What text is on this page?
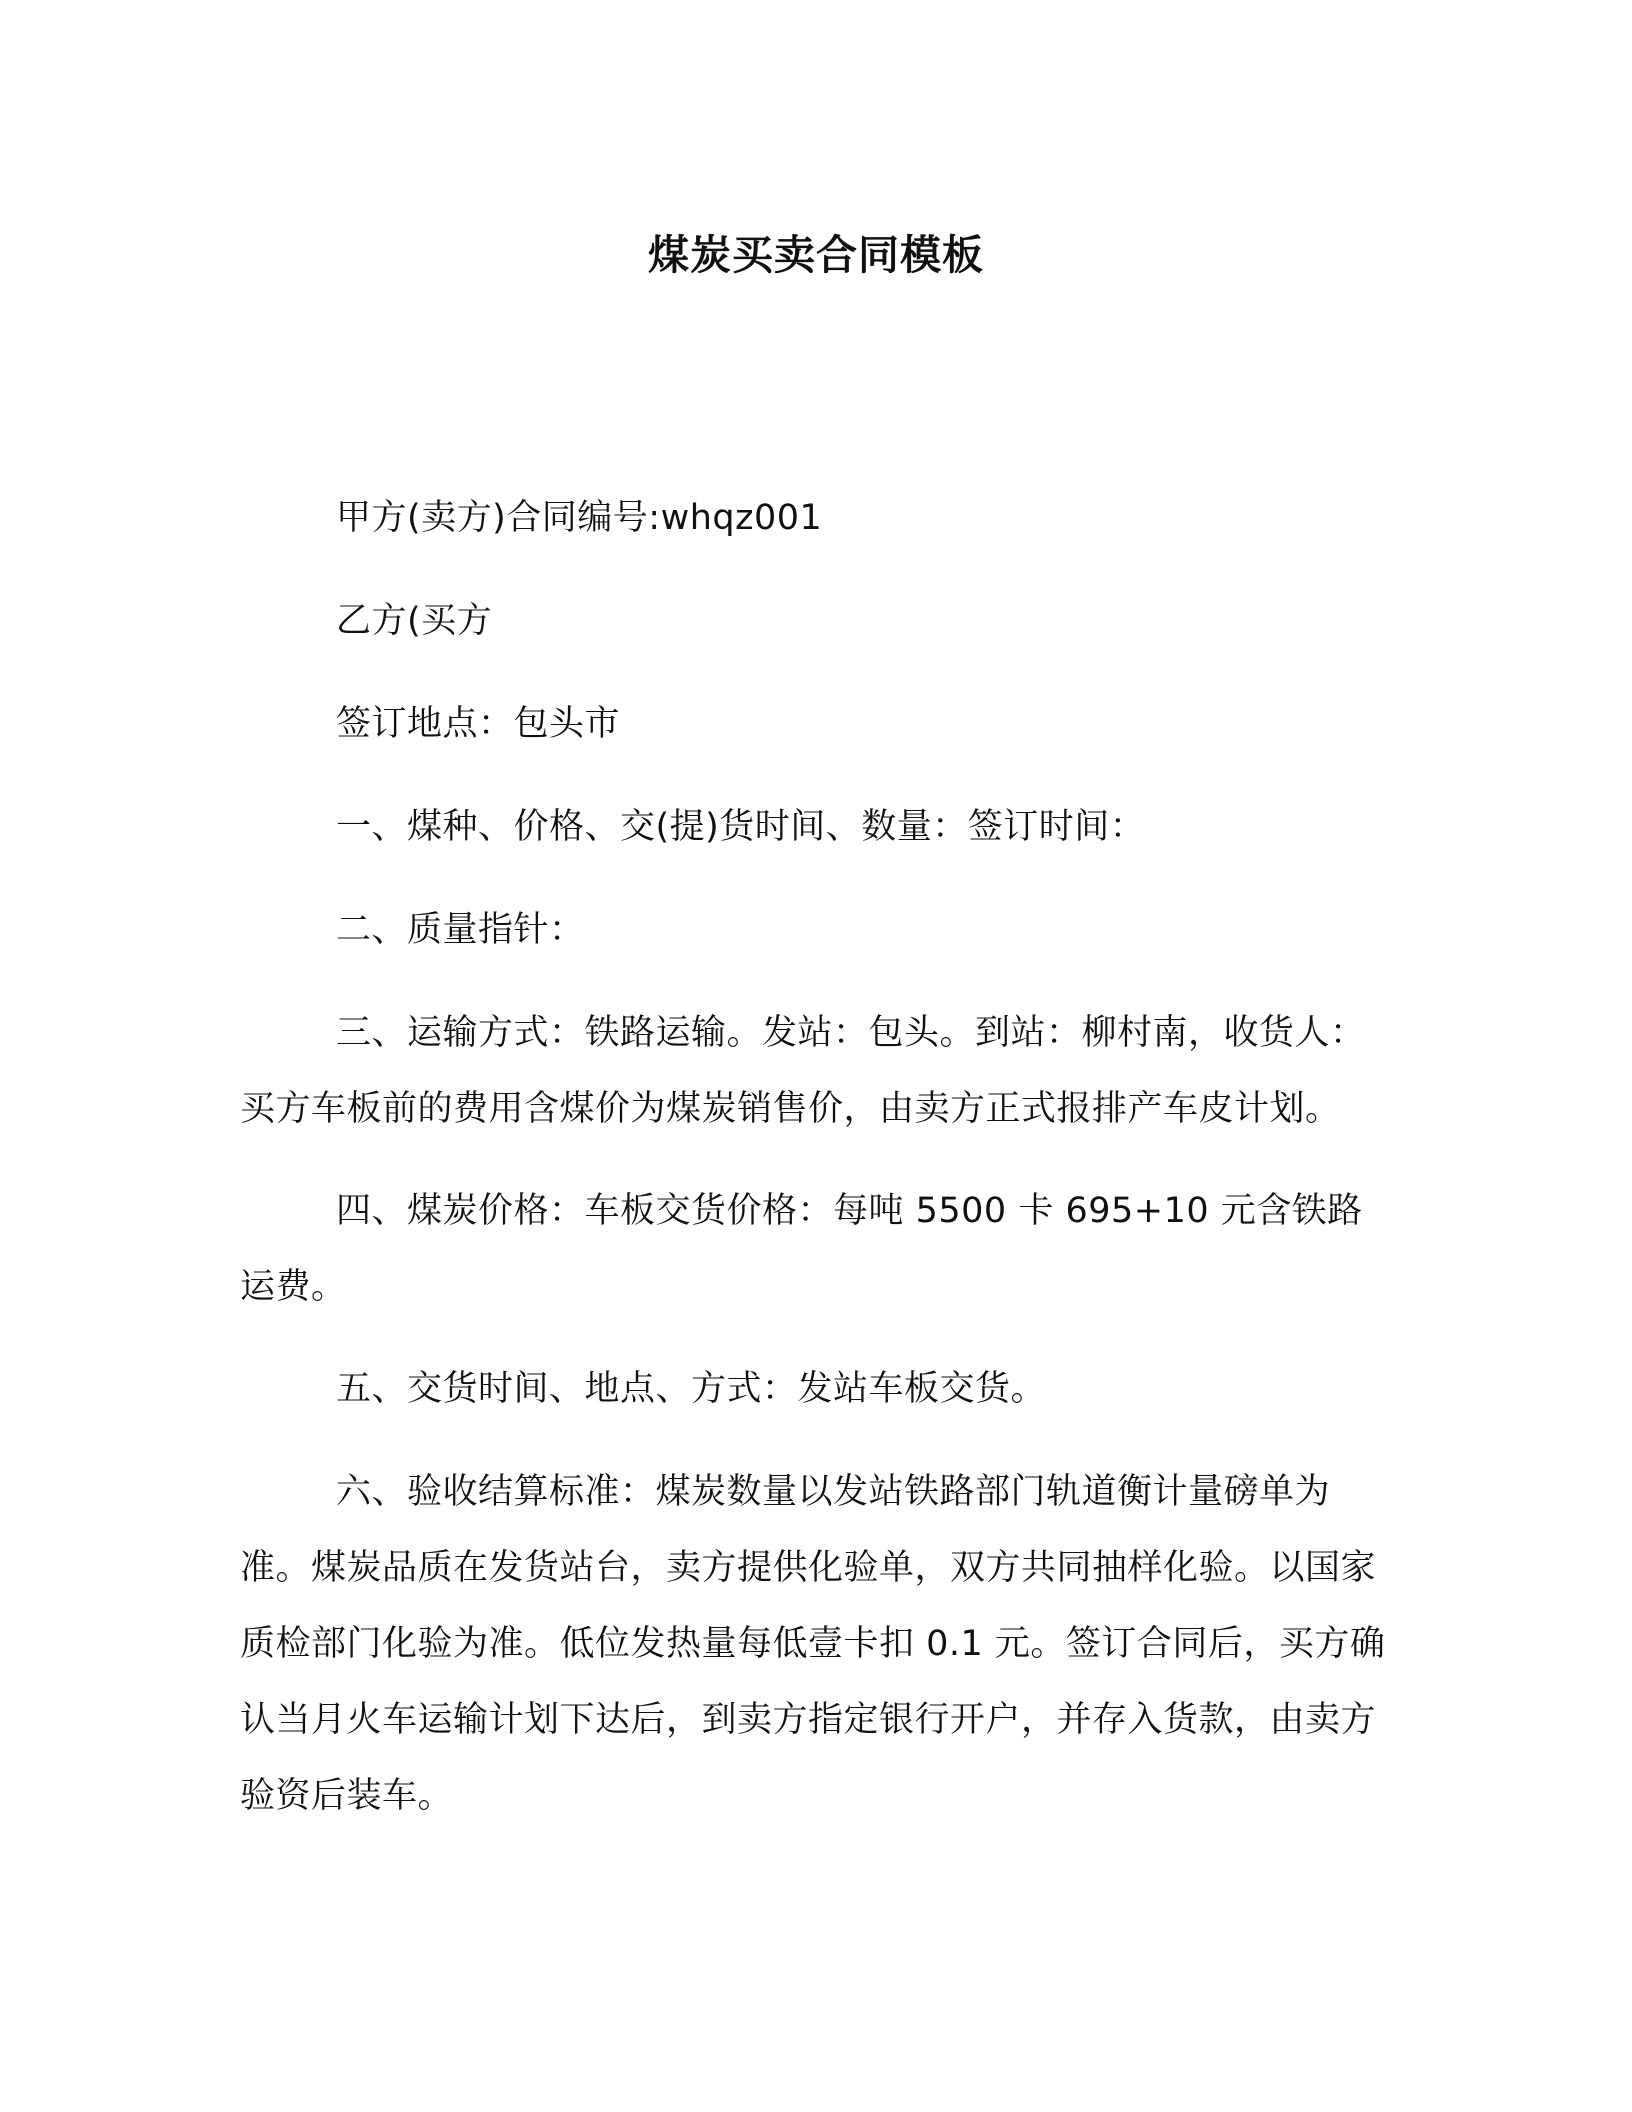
煤炭买卖合同模板

甲方(卖方)合同编号:whqz001

乙方(买方

签订地点：包头市

一、煤种、价格、交(提)货时间、数量：签订时间：

二、质量指针：

三、运输方式：铁路运输。发站：包头。到站：柳村南，收货人：买方车板前的费用含煤价为煤炭销售价，由卖方正式报排产车皮计划。

四、煤炭价格：车板交货价格：每吨 5500 卡 695+10 元含铁路运费。

五、交货时间、地点、方式：发站车板交货。

六、验收结算标准：煤炭数量以发站铁路部门轨道衡计量磅单为准。煤炭品质在发货站台，卖方提供化验单，双方共同抽样化验。以国家质检部门化验为准。低位发热量每低壹卡扣 0.1 元。签订合同后，买方确认当月火车运输计划下达后，到卖方指定银行开户，并存入货款，由卖方验资后装车。
